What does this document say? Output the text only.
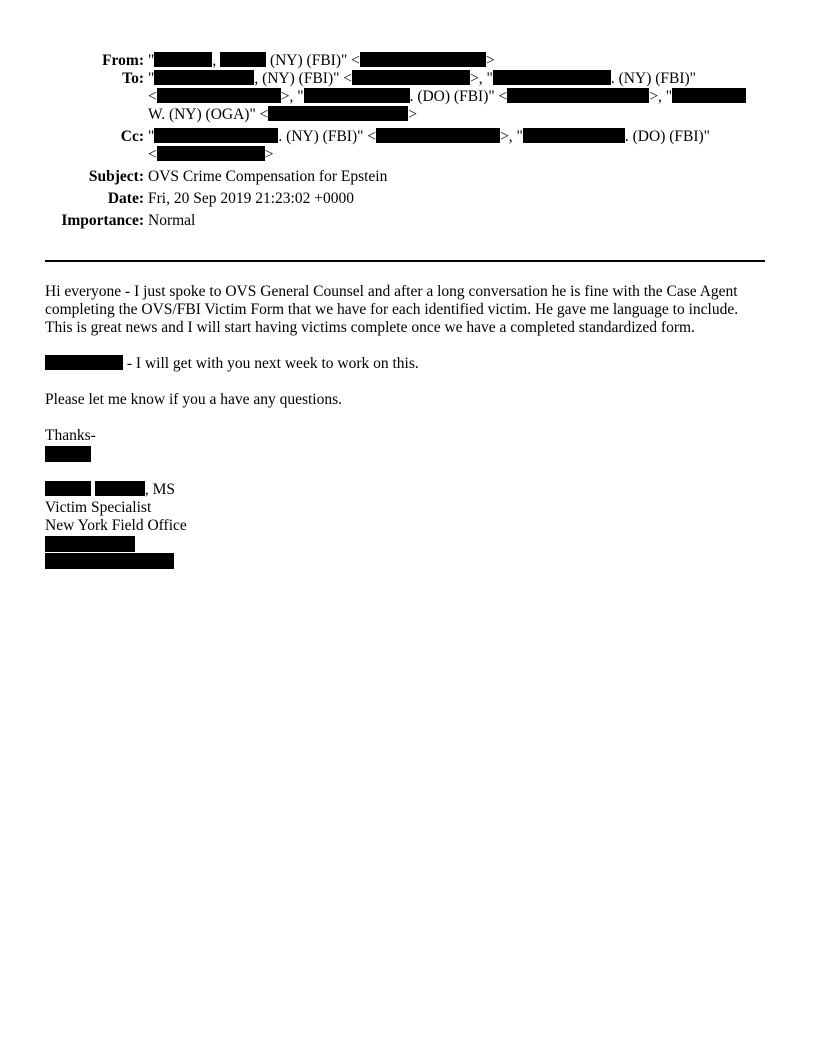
From: "	,	(NY) (FBI)" <	>
To: "	, (NY) (FBI)" <	>, "	. (NY) (FBI)"
<	>, "	. (DO) (FBI)" <	>, "
W. (NY) (OGA)" <	>
Cc: "	. (NY) (FBI)" <	>, "	. (DO) (FBI)"
<	>
Subject: OVS Crime Compensation for Epstein
Date: Fri, 20 Sep 2019 21:23:02 +0000
Importance: Normal

Hi everyone - I just spoke to OVS General Counsel and after a long conversation he is fine with the Case Agent completing the OVS/FBI Victim Form that we have for each identified victim. He gave me language to include. This is great news and I will start having victims complete once we have a completed standardized form.

- I will get with you next week to work on this.

Please let me know if you a have any questions.

Thanks-

, MS

Victim Specialist

New York Field Office
